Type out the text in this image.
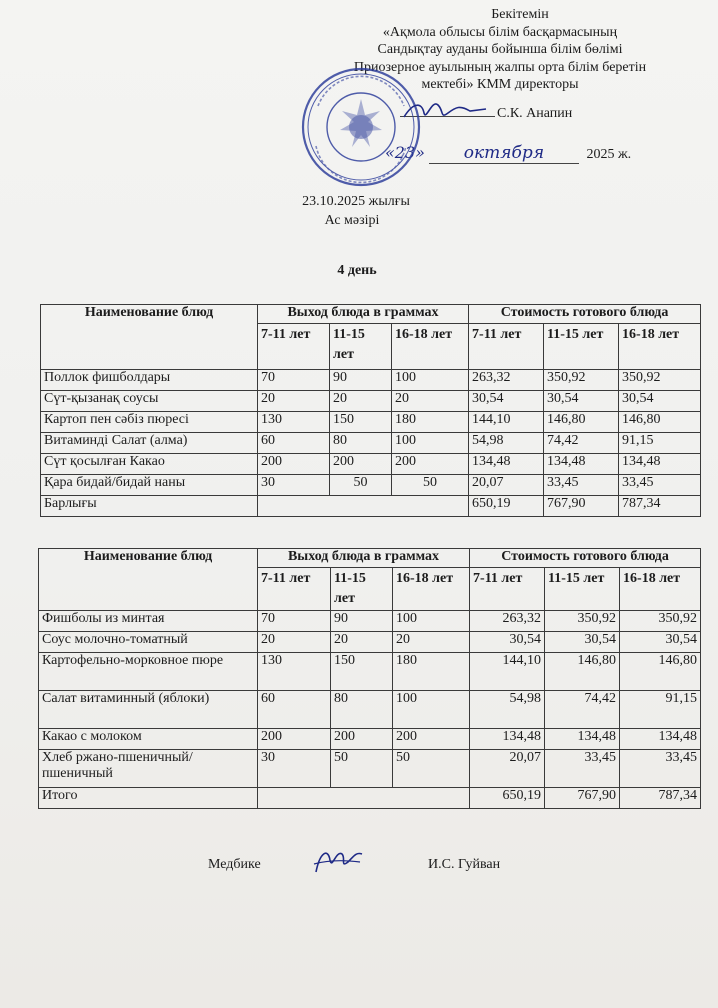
Бекітемін
«Ақмола облысы білім басқармасының
Сандықтау ауданы бойынша білім бөлімі
Приозерное ауылының жалпы орта білім беретін
мектебі» КММ директоры
С.К. Анапин
«23» октября	2025 ж.
23.10.2025 жылғы
Ас мәзірі
4 день
Наименование блюд	Выход блюда в граммах			Стоимость готового блюда		
	7-11 лет	11-15 лет	16-18 лет	7-11 лет	11-15 лет	16-18 лет
Поллок фишболдары	70	90	100	263,32	350,92	350,92
Сүт-қызанақ соусы	20	20	20	30,54	30,54	30,54
Картоп пен сәбіз пюресі	130	150	180	144,10	146,80	146,80
Витаминді Салат (алма)	60	80	100	54,98	74,42	91,15
Сүт қосылған Какао	200	200	200	134,48	134,48	134,48
Қара бидай/бидай наны	30	50	50	20,07	33,45	33,45
Барлығы				650,19	767,90	787,34
Наименование блюд	Выход блюда в граммах			Стоимость готового блюда		
	7-11 лет	11-15 лет	16-18 лет	7-11 лет	11-15 лет	16-18 лет
Фишболы из минтая	70	90	100	263,32	350,92	350,92
Соус молочно-томатный	20	20	20	30,54	30,54	30,54
Картофельно-морковное пюре	130	150	180	144,10	146,80	146,80
Салат витаминный (яблоки)	60	80	100	54,98	74,42	91,15
Какао с молоком	200	200	200	134,48	134,48	134,48
Хлеб ржано-пшеничный/пшеничный	30	50	50	20,07	33,45	33,45
Итого				650,19	767,90	787,34
Медбике	И.С. Гуйван
